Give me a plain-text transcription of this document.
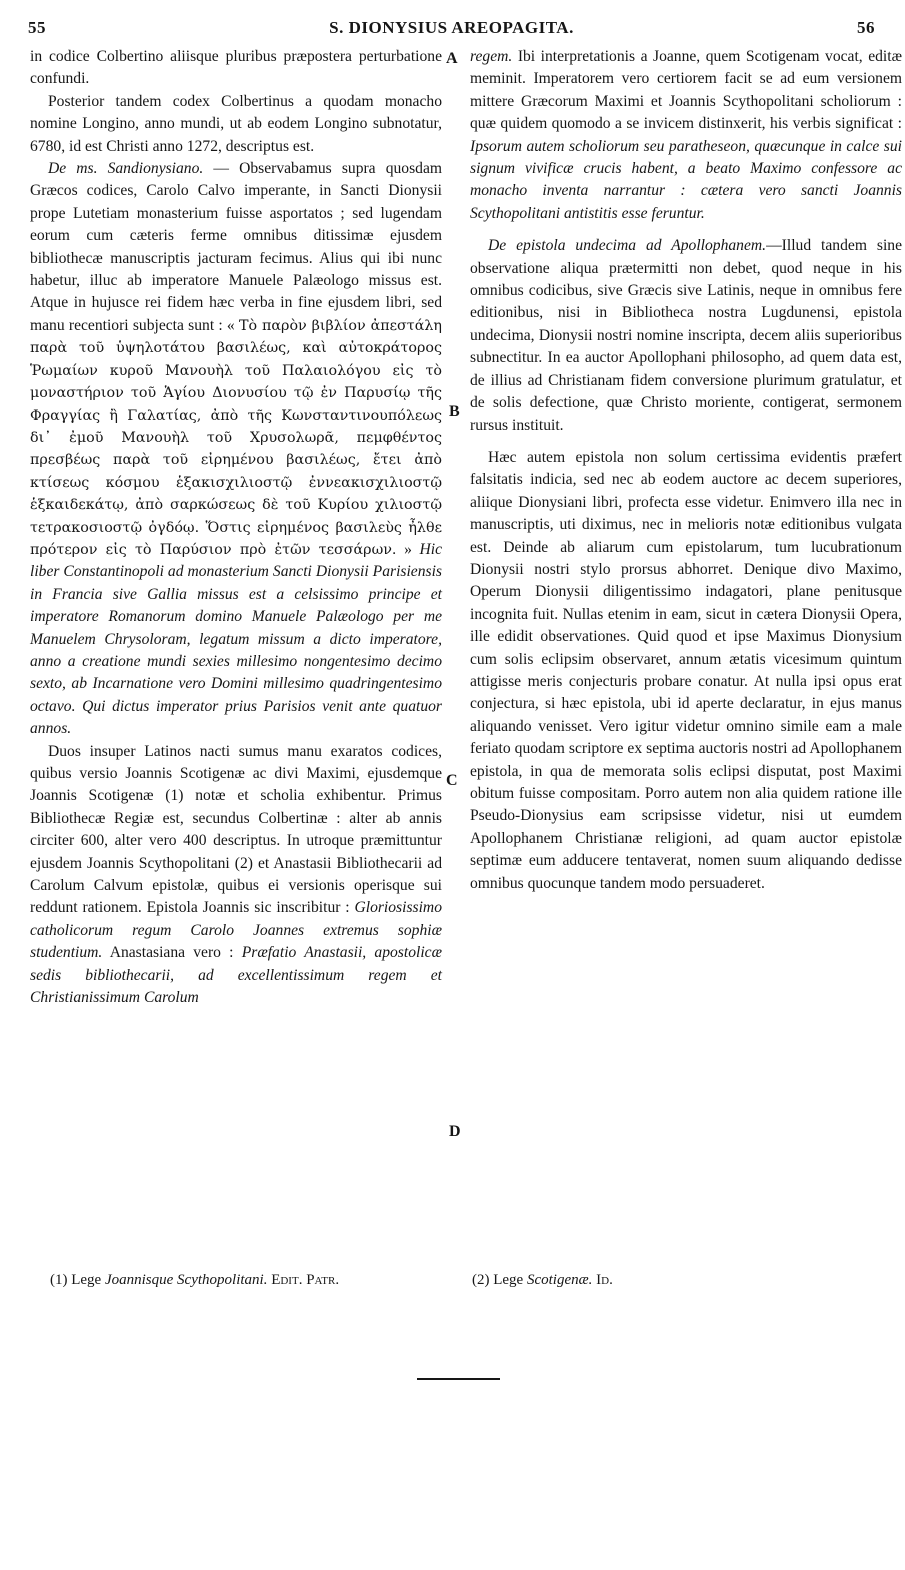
55	S. DIONYSIUS AREOPAGITA.	56

in codice Colbertino aliisque pluribus præpostera perturbatione confundi.

Posterior tandem codex Colbertinus a quodam monacho nomine Longino, anno mundi, ut ab eodem Longino subnotatur, 6780, id est Christi anno 1272, descriptus est.

De ms. Sandionysiano. — Observabamus supra quosdam Græcos codices, Carolo Calvo imperante, in Sancti Dionysii prope Lutetiam monasterium fuisse asportatos ; sed lugendam eorum cum cæteris ferme omnibus ditissimæ ejusdem bibliothecæ manuscriptis jacturam fecimus. Alius qui ibi nunc habetur, illuc ab imperatore Manuele Palæologo missus est. Atque in hujusce rei fidem hæc verba in fine ejusdem libri, sed manu recentiori subjecta sunt : « Τὸ παρὸν βιβλίον ἀπεστάλη παρὰ τοῦ ὑψηλοτάτου βασιλέως, καὶ αὐτοκράτορος Ῥωμαίων κυροῦ Μανουὴλ τοῦ Παλαιολόγου εἰς τὸ μοναστήριον τοῦ Ἁγίου Διονυσίου τῷ ἐν Παρυσίῳ τῆς Φραγγίας ἢ Γαλατίας, ἀπὸ τῆς Κωνσταντινουπόλεως δι᾽ ἐμοῦ Μανουὴλ τοῦ Χρυσολωρᾶ, πεμφθέντος πρεσβέως παρὰ τοῦ εἰρημένου βασιλέως, ἔτει ἀπὸ κτίσεως κόσμου ἑξακισχιλιοστῷ ἐννεακισχιλιοστῷ ἑξκαιδεκάτῳ, ἀπὸ σαρκώσεως δὲ τοῦ Κυρίου χιλιοστῷ τετρακοσιοστῷ ὀγδόῳ. Ὅστις εἰρημένος βασιλεὺς ἦλθε πρότερον εἰς τὸ Παρύσιον πρὸ ἐτῶν τεσσάρων. » Hic liber Constantinopoli ad monasterium Sancti Dionysii Parisiensis in Francia sive Gallia missus est a celsissimo principe et imperatore Romanorum domino Manuele Palæologo per me Manuelem Chrysoloram, legatum missum a dicto imperatore, anno a creatione mundi sexies millesimo nongentesimo decimo sexto, ab Incarnatione vero Domini millesimo quadringentesimo octavo. Qui dictus imperator prius Parisios venit ante quatuor annos.

Duos insuper Latinos nacti sumus manu exaratos codices, quibus versio Joannis Scotigenæ ac divi Maximi, ejusdemque Joannis Scotigenæ (1) notæ et scholia exhibentur. Primus Bibliothecæ Regiæ est, secundus Colbertinæ : alter ab annis circiter 600, alter vero 400 descriptus. In utroque præmittuntur ejusdem Joannis Scythopolitani (2) et Anastasii Bibliothecarii ad Carolum Calvum epistolæ, quibus ei versionis operisque sui reddunt rationem. Epistola Joannis sic inscribitur : Gloriosissimo catholicorum regum Carolo Joannes extremus sophiæ studentium. Anastasiana vero : Præfatio Anastasii, apostolicæ sedis bibliothecarii, ad excellentissimum regem et Christianissimum Carolum

regem. Ibi interpretationis a Joanne, quem Scotigenam vocat, editæ meminit. Imperatorem vero certiorem facit se ad eum versionem mittere Græcorum Maximi et Joannis Scythopolitani scholiorum : quæ quidem quomodo a se invicem distinxerit, his verbis significat : Ipsorum autem scholiorum seu paratheseon, quæcunque in calce sui signum vivificæ crucis habent, a beato Maximo confessore ac monacho inventa narrantur : cætera vero sancti Joannis Scythopolitani antistitis esse feruntur.

De epistola undecima ad Apollophanem.—Illud tandem sine observatione aliqua prætermitti non debet, quod neque in his omnibus codicibus, sive Græcis sive Latinis, neque in omnibus fere editionibus, nisi in Bibliotheca nostra Lugdunensi, epistola undecima, Dionysii nostri nomine inscripta, decem aliis superioribus subnectitur. In ea auctor Apollophani philosopho, ad quem data est, de illius ad Christianam fidem conversione plurimum gratulatur, et de solis defectione, quæ Christo moriente, contigerat, sermonem rursus instituit.

Hæc autem epistola non solum certissima evidentis præfert falsitatis indicia, sed nec ab eodem auctore ac decem superiores, aliique Dionysiani libri, profecta esse videtur. Enimvero illa nec in manuscriptis, uti diximus, nec in melioris notæ editionibus vulgata est. Deinde ab aliarum cum epistolarum, tum lucubrationum Dionysii nostri stylo prorsus abhorret. Denique divo Maximo, Operum Dionysii diligentissimo indagatori, plane penitusque incognita fuit. Nullas etenim in eam, sicut in cætera Dionysii Opera, ille edidit observationes. Quid quod et ipse Maximus Dionysium cum solis eclipsim observaret, annum ætatis vicesimum quintum attigisse meris conjecturis probare conatur. At nulla ipsi opus erat conjectura, si hæc epistola, ubi id aperte declaratur, in ejus manus aliquando venisset. Vero igitur videtur omnino simile eam a male feriato quodam scriptore ex septima auctoris nostri ad Apollophanem epistola, in qua de memorata solis eclipsi disputat, post Maximi obitum fuisse compositam. Porro autem non alia quidem ratione ille Pseudo-Dionysius eam scripsisse videtur, nisi ut eumdem Apollophanem Christianæ religioni, ad quam auctor epistolæ septimæ eum adducere tentaverat, nomen suum aliquando dedisse omnibus quocunque tandem modo persuaderet.

A
B
C
D
(1) Lege Joannisque Scythopolitani. Edit. Patr.	(2) Lege Scotigenæ. Id.
